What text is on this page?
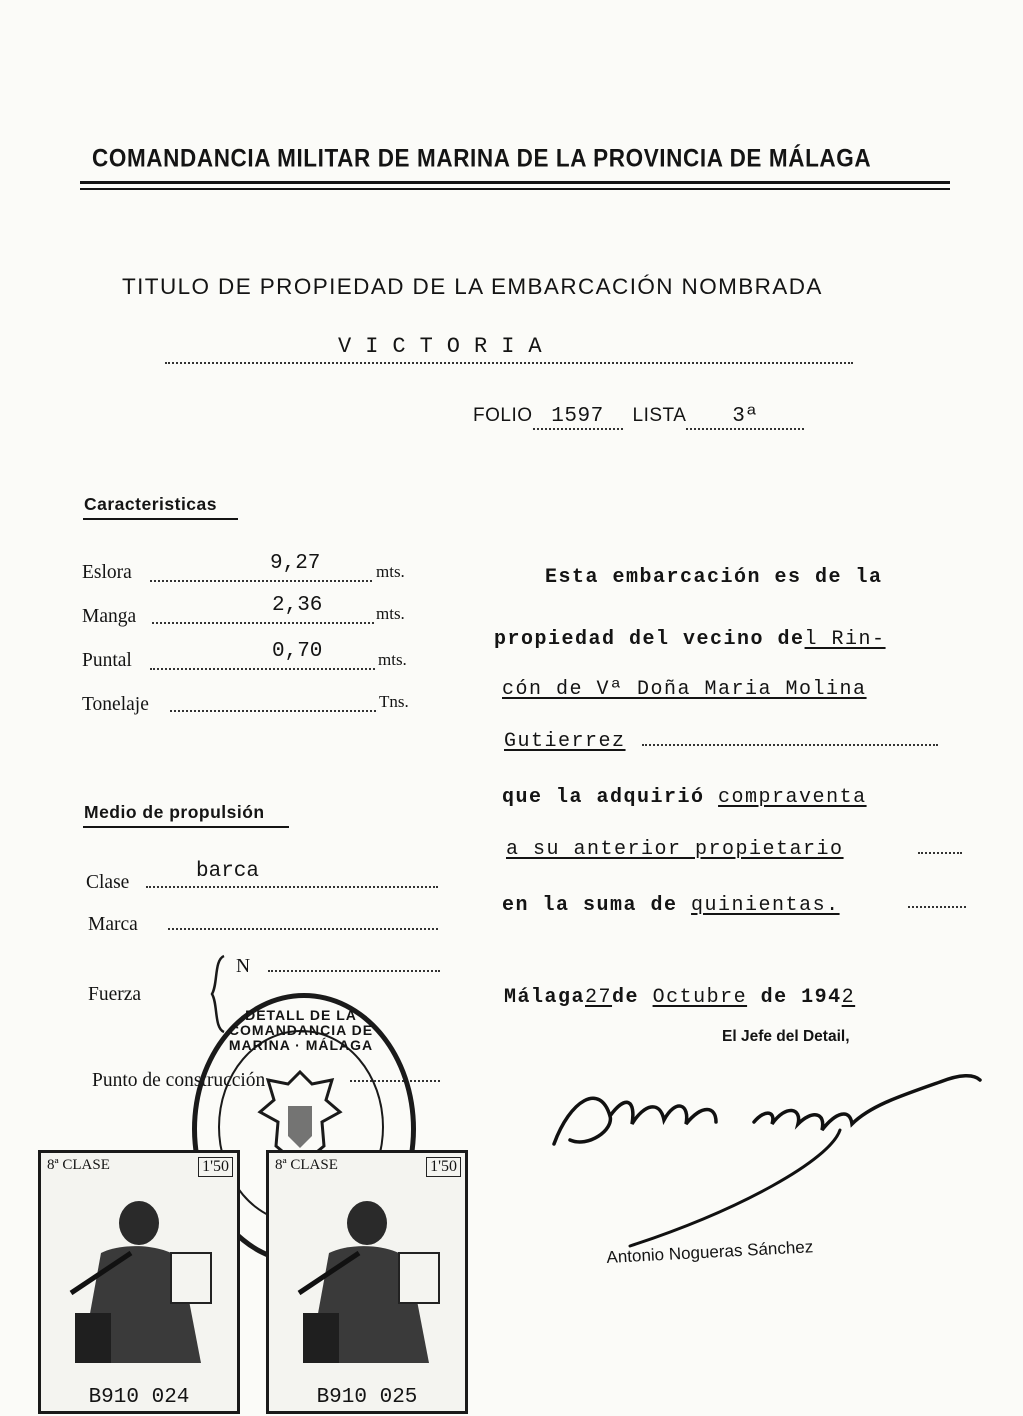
COMANDANCIA MILITAR DE MARINA DE LA PROVINCIA DE MÁLAGA
TITULO DE PROPIEDAD DE LA EMBARCACIÓN NOMBRADA
VICTORIA
FOLIO 1597 LISTA 3ª
Caracteristicas
Eslora	9,27	mts.
Manga	2,36	mts.
Puntal	0,70	mts.
Tonelaje	Tns.
Medio de propulsión
Clase	barca
Marca
Fuerza
N
Punto de construcción
Esta embarcación es de la
propiedad del vecino del Rin-
cón de Vª Doña Maria Molina
Gutierrez
que la adquirió compraventa
a su anterior propietario
en la suma de quinientas.
Málaga27de Octubre de 1942
El Jefe del Detail,
Antonio Nogueras Sánchez
DETALL DE LA COMANDANCIA DE MARINA · MÁLAGA
8ª CLASE	1'50
B910 024
8ª CLASE	1'50
B910 025
